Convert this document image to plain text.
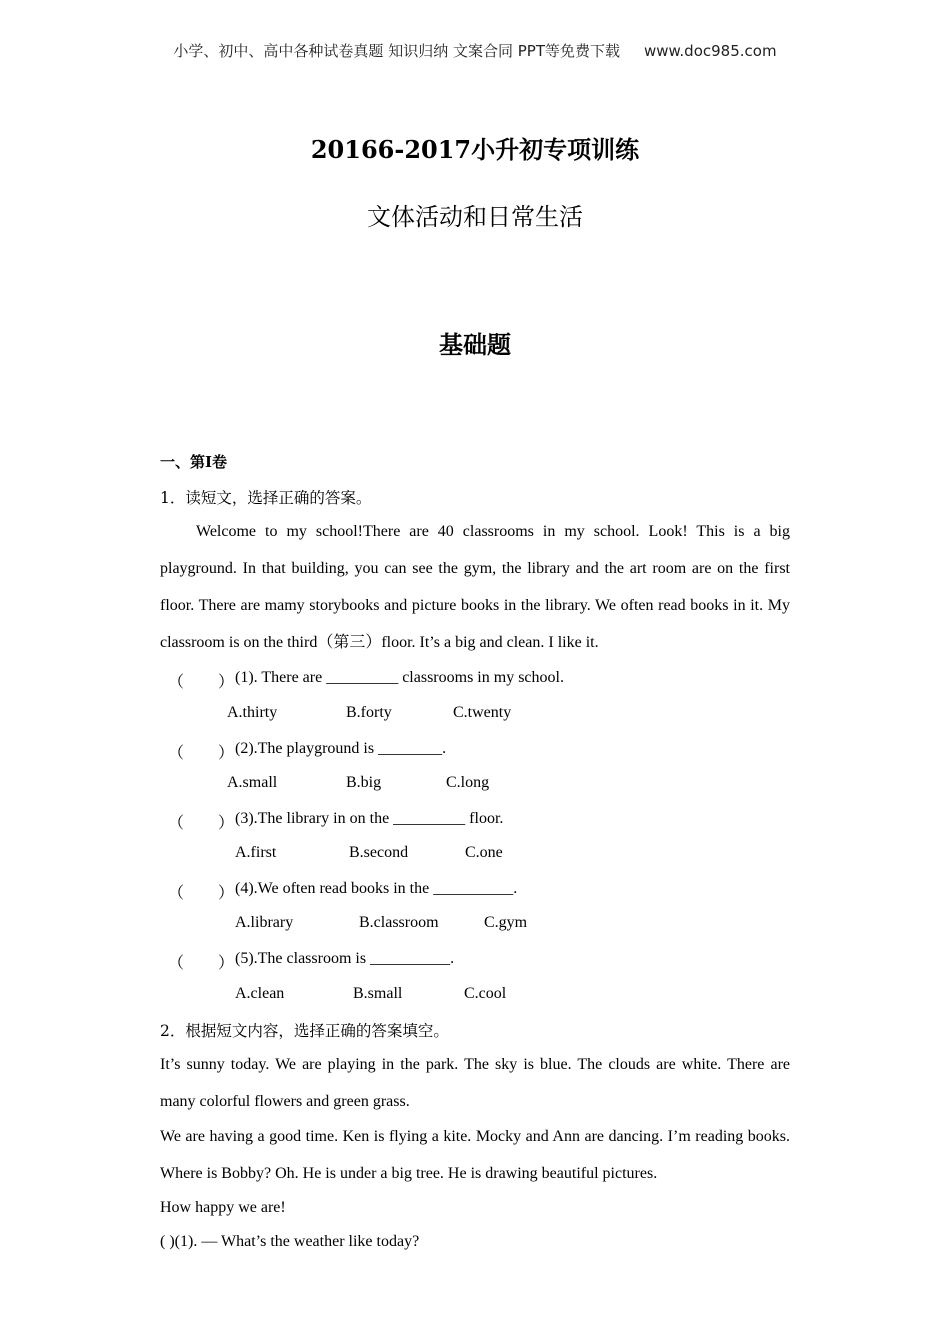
小学、初中、高中各种试卷真题 知识归纳 文案合同 PPT等免费下载 www.doc985.com
20166-2017小升初专项训练
文体活动和日常生活
基础题
一、第I卷
1．读短文，选择正确的答案。
Welcome to my school!There are 40 classrooms in my school. Look! This is a big playground. In that building, you can see the gym, the library and the art room are on the first floor. There are mamy storybooks and picture books in the library. We often read books in it. My classroom is on the third（第三）floor. It’s a big and clean. I like it.
（ ） (1). There are _________ classrooms in my school.
A.thirty	B.forty	C.twenty
（ ） (2).The playground is ________.
A.small	B.big	C.long
（ ） (3).The library in on the _________ floor.
A.first	B.second	C.one
（ ） (4).We often read books in the __________.
A.library	B.classroom	C.gym
（ ） (5).The classroom is __________.
A.clean	B.small	C.cool
2．根据短文内容，选择正确的答案填空。
It’s sunny today. We are playing in the park. The sky is blue. The clouds are white. There are many colorful flowers and green grass.
We are having a good time. Ken is flying a kite. Mocky and Ann are dancing. I’m reading books. Where is Bobby? Oh. He is under a big tree. He is drawing beautiful pictures.
How happy we are!
( )(1). — What’s the weather like today?
